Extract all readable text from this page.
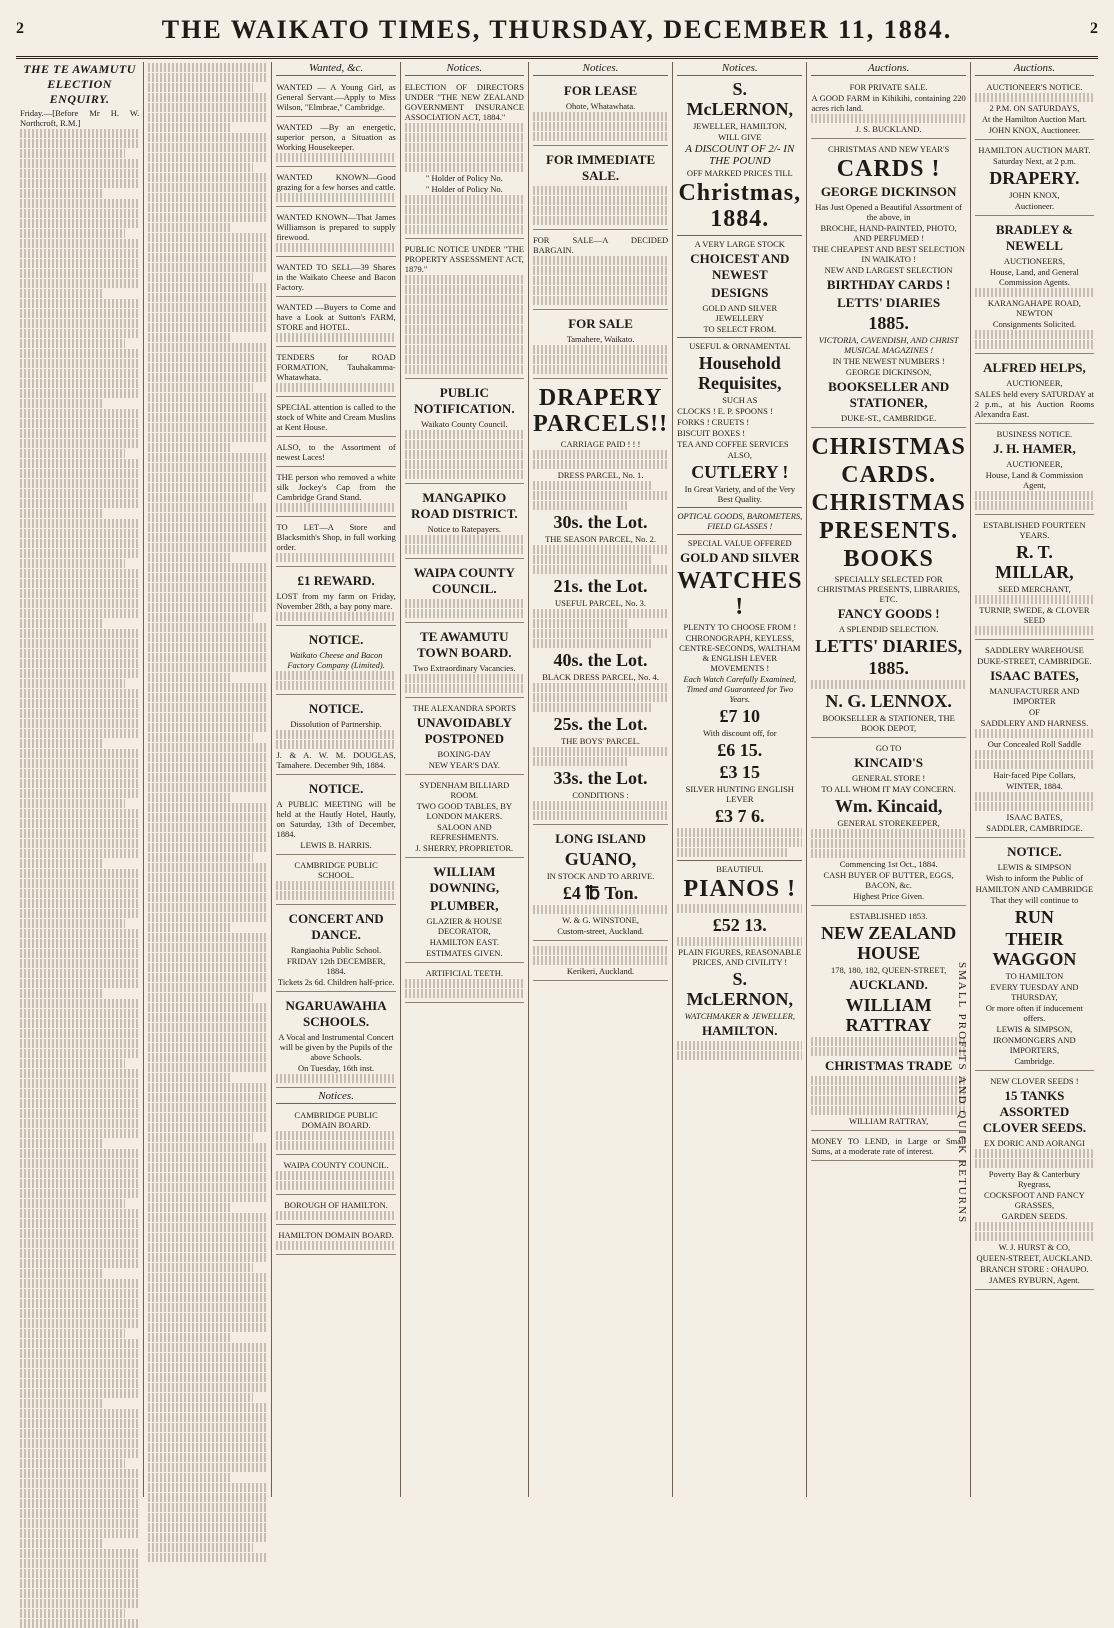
2	THE WAIKATO TIMES, THURSDAY, DECEMBER 11, 1884.	2
THE TE AWAMUTU ELECTION ENQUIRY.
Friday.—[Before Mr H. W. Northcroft, R.M.]
Wanted, &c.
WANTED — A Young Girl, as General Servant.—Apply to Miss Wilson, "Elmbrae," Cambridge.
WANTED —By an energetic, superior person, a Situation as Working Housekeeper.
WANTED KNOWN—Good grazing for a few horses and cattle.
WANTED KNOWN—That James Williamson is prepared to supply firewood.
WANTED TO SELL—39 Shares in the Waikato Cheese and Bacon Factory.
WANTED —Buyers to Come and have a Look at Sutton's FARM, STORE and HOTEL.
TENDERS for ROAD FORMATION, Tauhakamma-Whatawhata.
SPECIAL attention is called to the stock of White and Cream Muslins at Kent House.
ALSO, to the Assortment of newest Laces!
THE person who removed a white silk Jockey's Cap from the Cambridge Grand Stand.
TO LET—A Store and Blacksmith's Shop, in full working order.
£1 REWARD.
LOST from my farm on Friday, November 28th, a bay pony mare.
NOTICE.
Waikato Cheese and Bacon Factory Company (Limited).
NOTICE.
Dissolution of Partnership.
J. & A. W. M. DOUGLAS, Tamahere. December 9th, 1884.
NOTICE.
A PUBLIC MEETING will be held at the Hautly Hotel, Hautly, on Saturday, 13th of December, 1884.
LEWIS B. HARRIS.
CAMBRIDGE PUBLIC SCHOOL.
CONCERT AND DANCE.
Rangiaohia Public School.
FRIDAY 12th DECEMBER, 1884.
Tickets 2s 6d. Children half-price.
NGARUAWAHIA SCHOOLS.
A Vocal and Instrumental Concert will be given by the Pupils of the above Schools.
On Tuesday, 16th inst.
Notices.
CAMBRIDGE PUBLIC DOMAIN BOARD.
WAIPA COUNTY COUNCIL.
BOROUGH OF HAMILTON.
HAMILTON DOMAIN BOARD.
Notices.
ELECTION OF DIRECTORS UNDER "THE NEW ZEALAND GOVERNMENT INSURANCE ASSOCIATION ACT, 1884."
" Holder of Policy No.
" Holder of Policy No.
PUBLIC NOTICE UNDER "THE PROPERTY ASSESSMENT ACT, 1879."
PUBLIC NOTIFICATION.
Waikato County Council.
MANGAPIKO ROAD DISTRICT.
Notice to Ratepayers.
WAIPA COUNTY COUNCIL.
TE AWAMUTU TOWN BOARD.
Two Extraordinary Vacancies.
THE ALEXANDRA SPORTS
UNAVOIDABLY POSTPONED
BOXING-DAY
NEW YEAR'S DAY.
SYDENHAM BILLIARD ROOM.
TWO GOOD TABLES, BY LONDON MAKERS.
SALOON AND REFRESHMENTS.
J. SHERRY, PROPRIETOR.
WILLIAM DOWNING,
PLUMBER,
GLAZIER & HOUSE DECORATOR,
HAMILTON EAST.
ESTIMATES GIVEN.
ARTIFICIAL TEETH.
Notices.
FOR LEASE
Ohote, Whatawhata.
FOR IMMEDIATE SALE.
FOR SALE—A DECIDED BARGAIN.
FOR SALE
Tamahere, Waikato.
DRAPERY PARCELS!!
CARRIAGE PAID ! ! !
DRESS PARCEL, No. 1.
30s. the Lot.
THE SEASON PARCEL, No. 2.
21s. the Lot.
USEFUL PARCEL, No. 3.
40s. the Lot.
BLACK DRESS PARCEL, No. 4.
25s. the Lot.
THE BOYS' PARCEL.
33s. the Lot.
CONDITIONS :
LONG ISLAND
GUANO,
IN STOCK AND TO ARRIVE.
£4 ℔ Ton.
W. & G. WINSTONE,
Custom-street, Auckland.
Kerikeri, Auckland.
Notices.
S. McLERNON,
JEWELLER, HAMILTON,
WILL GIVE
A DISCOUNT OF 2/- IN THE POUND
OFF MARKED PRICES TILL
Christmas, 1884.
A VERY LARGE STOCK
CHOICEST AND NEWEST
DESIGNS
GOLD AND SILVER JEWELLERY
TO SELECT FROM.
USEFUL & ORNAMENTAL
Household Requisites,
SUCH AS
CLOCKS ! E. P. SPOONS !
FORKS ! CRUETS !
BISCUIT BOXES !
TEA AND COFFEE SERVICES
ALSO,
CUTLERY !
In Great Variety, and of the Very Best Quality.
OPTICAL GOODS, BAROMETERS, FIELD GLASSES !
SPECIAL VALUE OFFERED
GOLD AND SILVER
WATCHES !
PLENTY TO CHOOSE FROM !
CHRONOGRAPH, KEYLESS, CENTRE-SECONDS, WALTHAM & ENGLISH LEVER MOVEMENTS !
Each Watch Carefully Examined, Timed and Guaranteed for Two Years.
£7 10
With discount off, for
£6 15.
£3 15
SILVER HUNTING ENGLISH LEVER
£3 7 6.
BEAUTIFUL
PIANOS !
£52 13.
PLAIN FIGURES, REASONABLE PRICES, AND CIVILITY !
S. McLERNON,
WATCHMAKER & JEWELLER,
HAMILTON.
Auctions.
FOR PRIVATE SALE.
A GOOD FARM in Kihikihi, containing 220 acres rich land.
J. S. BUCKLAND.
CHRISTMAS AND NEW YEAR'S
CARDS !
GEORGE DICKINSON
Has Just Opened a Beautiful Assortment of the above, in
BROCHE, HAND-PAINTED, PHOTO, AND PERFUMED !
THE CHEAPEST AND BEST SELECTION IN WAIKATO !
NEW AND LARGEST SELECTION
BIRTHDAY CARDS !
LETTS' DIARIES
1885.
VICTORIA, CAVENDISH, AND CHRIST MUSICAL MAGAZINES !
IN THE NEWEST NUMBERS !
GEORGE DICKINSON,
BOOKSELLER AND STATIONER,
DUKE-ST., CAMBRIDGE.
CHRISTMAS
CARDS.
CHRISTMAS
PRESENTS.
BOOKS
SPECIALLY SELECTED FOR CHRISTMAS PRESENTS, LIBRARIES, ETC.
FANCY GOODS !
A SPLENDID SELECTION.
LETTS' DIARIES,
1885.
N. G. LENNOX.
BOOKSELLER & STATIONER, THE BOOK DEPOT,
GO TO
KINCAID'S
GENERAL STORE !
TO ALL WHOM IT MAY CONCERN.
Wm. Kincaid,
GENERAL STOREKEEPER,
Commencing 1st Oct., 1884.
CASH BUYER OF BUTTER, EGGS, BACON, &c.
Highest Price Given.
ESTABLISHED 1853.
NEW ZEALAND HOUSE
178, 180, 182, QUEEN-STREET,
AUCKLAND.
WILLIAM RATTRAY
CHRISTMAS TRADE
WILLIAM RATTRAY,
MONEY TO LEND, in Large or Small Sums, at a moderate rate of interest.	SMALL PROFITS AND QUICK RETURNS
Auctions.
AUCTIONEER'S NOTICE.
2 P.M. ON SATURDAYS,
At the Hamilton Auction Mart.
JOHN KNOX, Auctioneer.
HAMILTON AUCTION MART.
Saturday Next, at 2 p.m.
DRAPERY.
JOHN KNOX,
Auctioneer.
BRADLEY & NEWELL
AUCTIONEERS,
House, Land, and General Commission Agents.
KARANGAHAPE ROAD, NEWTON
Consignments Solicited.
ALFRED HELPS,
AUCTIONEER,
SALES held every SATURDAY at 2 p.m., at his Auction Rooms Alexandra East.
BUSINESS NOTICE.
J. H. HAMER,
AUCTIONEER,
House, Land & Commission Agent,
ESTABLISHED FOURTEEN YEARS.
R. T. MILLAR,
SEED MERCHANT,
TURNIP, SWEDE, & CLOVER SEED
SADDLERY WAREHOUSE
DUKE-STREET, CAMBRIDGE.
ISAAC BATES,
MANUFACTURER AND IMPORTER
OF
SADDLERY AND HARNESS.
Our Concealed Roll Saddle
Hair-faced Pipe Collars,
WINTER, 1884.
ISAAC BATES,
SADDLER, CAMBRIDGE.
NOTICE.
LEWIS & SIMPSON
Wish to inform the Public of
HAMILTON AND CAMBRIDGE
That they will continue to
RUN
THEIR WAGGON
TO HAMILTON
EVERY TUESDAY AND THURSDAY,
Or more often if inducement offers.
LEWIS & SIMPSON,
IRONMONGERS AND IMPORTERS,
Cambridge.
NEW CLOVER SEEDS !
15 TANKS ASSORTED CLOVER SEEDS.
EX DORIC AND AORANGI
Poverty Bay & Canterbury Ryegrass,
COCKSFOOT AND FANCY GRASSES,
GARDEN SEEDS.
W. J. HURST & CO,
QUEEN-STREET, AUCKLAND.
BRANCH STORE : OHAUPO.
JAMES RYBURN, Agent.
